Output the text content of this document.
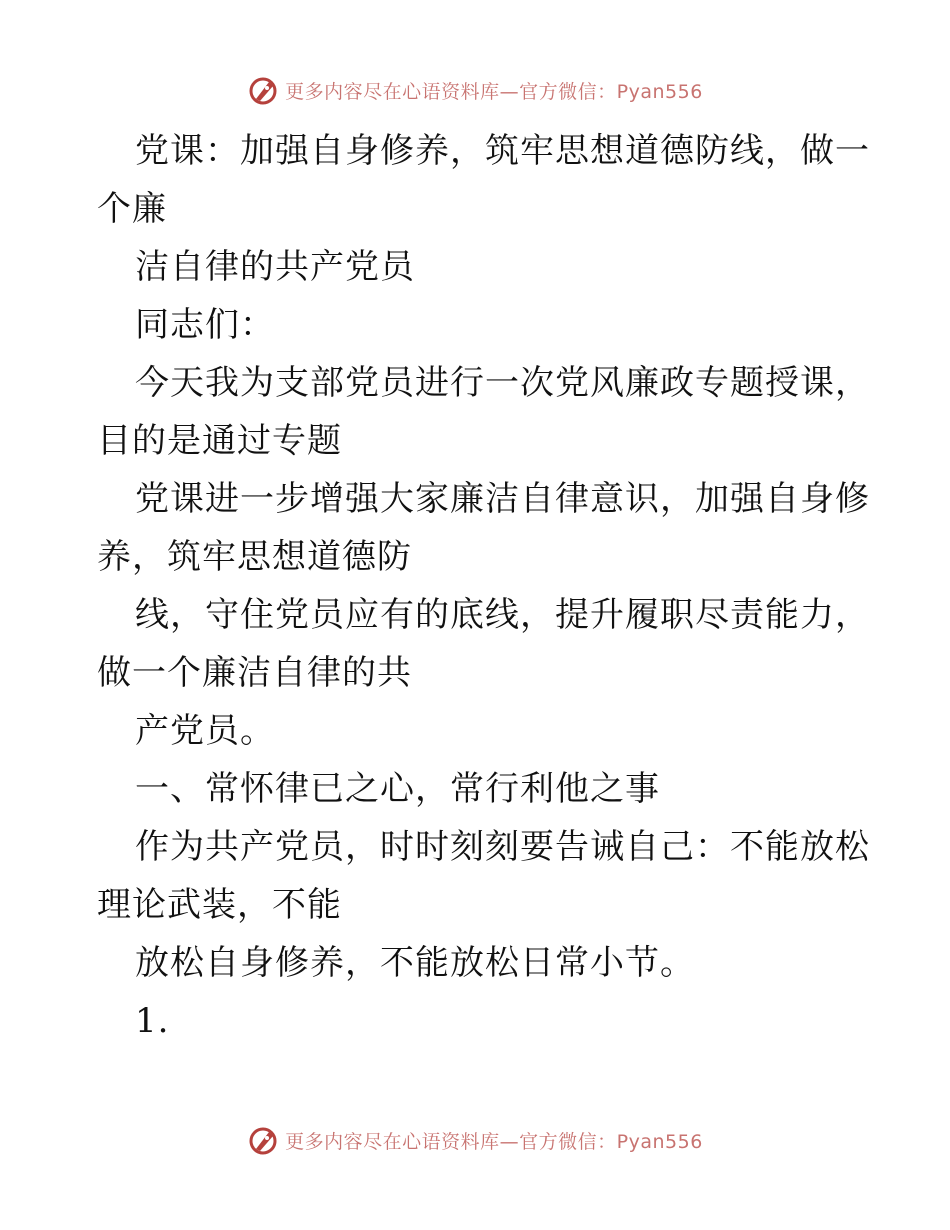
更多内容尽在心语资料库—官方微信：Pyan556
党课：加强自身修养，筑牢思想道德防线，做一
个廉
洁自律的共产党员
同志们：
今天我为支部党员进行一次党风廉政专题授课，
目的是通过专题
党课进一步增强大家廉洁自律意识，加强自身修
养，筑牢思想道德防
线，守住党员应有的底线，提升履职尽责能力，
做一个廉洁自律的共
产党员。
一、常怀律已之心，常行利他之事
作为共产党员，时时刻刻要告诫自己：不能放松
理论武装，不能
放松自身修养，不能放松日常小节。
1.
更多内容尽在心语资料库—官方微信：Pyan556
